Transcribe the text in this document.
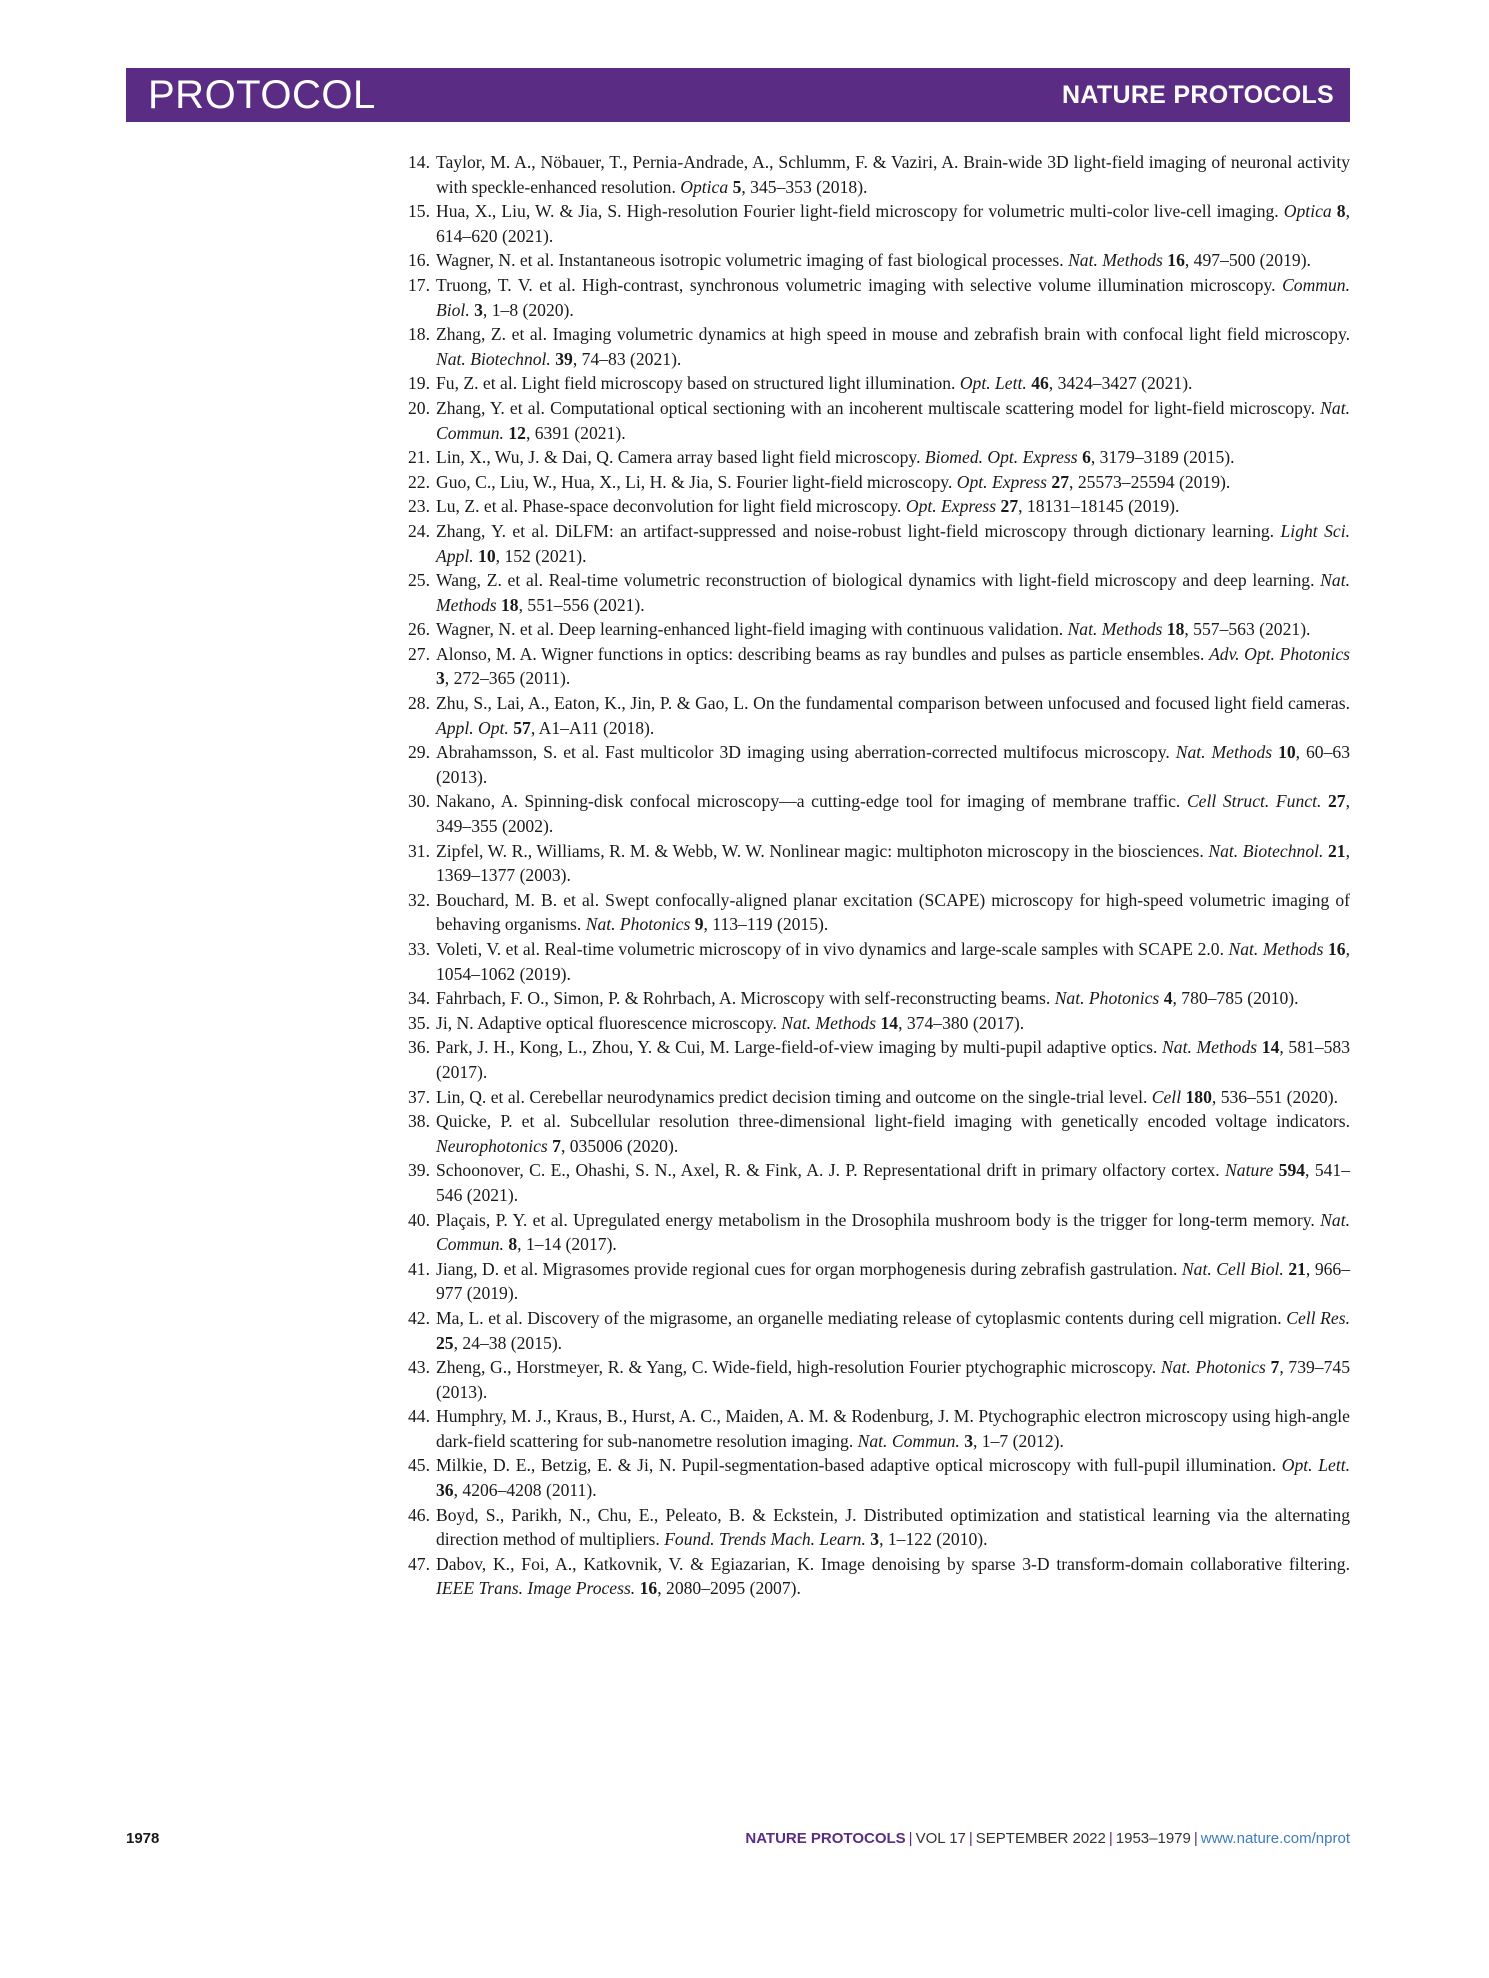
PROTOCOL	NATURE PROTOCOLS
14. Taylor, M. A., Nöbauer, T., Pernia-Andrade, A., Schlumm, F. & Vaziri, A. Brain-wide 3D light-field imaging of neuronal activity with speckle-enhanced resolution. Optica 5, 345–353 (2018).
15. Hua, X., Liu, W. & Jia, S. High-resolution Fourier light-field microscopy for volumetric multi-color live-cell imaging. Optica 8, 614–620 (2021).
16. Wagner, N. et al. Instantaneous isotropic volumetric imaging of fast biological processes. Nat. Methods 16, 497–500 (2019).
17. Truong, T. V. et al. High-contrast, synchronous volumetric imaging with selective volume illumination microscopy. Commun. Biol. 3, 1–8 (2020).
18. Zhang, Z. et al. Imaging volumetric dynamics at high speed in mouse and zebrafish brain with confocal light field microscopy. Nat. Biotechnol. 39, 74–83 (2021).
19. Fu, Z. et al. Light field microscopy based on structured light illumination. Opt. Lett. 46, 3424–3427 (2021).
20. Zhang, Y. et al. Computational optical sectioning with an incoherent multiscale scattering model for light-field microscopy. Nat. Commun. 12, 6391 (2021).
21. Lin, X., Wu, J. & Dai, Q. Camera array based light field microscopy. Biomed. Opt. Express 6, 3179–3189 (2015).
22. Guo, C., Liu, W., Hua, X., Li, H. & Jia, S. Fourier light-field microscopy. Opt. Express 27, 25573–25594 (2019).
23. Lu, Z. et al. Phase-space deconvolution for light field microscopy. Opt. Express 27, 18131–18145 (2019).
24. Zhang, Y. et al. DiLFM: an artifact-suppressed and noise-robust light-field microscopy through dictionary learning. Light Sci. Appl. 10, 152 (2021).
25. Wang, Z. et al. Real-time volumetric reconstruction of biological dynamics with light-field microscopy and deep learning. Nat. Methods 18, 551–556 (2021).
26. Wagner, N. et al. Deep learning-enhanced light-field imaging with continuous validation. Nat. Methods 18, 557–563 (2021).
27. Alonso, M. A. Wigner functions in optics: describing beams as ray bundles and pulses as particle ensembles. Adv. Opt. Photonics 3, 272–365 (2011).
28. Zhu, S., Lai, A., Eaton, K., Jin, P. & Gao, L. On the fundamental comparison between unfocused and focused light field cameras. Appl. Opt. 57, A1–A11 (2018).
29. Abrahamsson, S. et al. Fast multicolor 3D imaging using aberration-corrected multifocus microscopy. Nat. Methods 10, 60–63 (2013).
30. Nakano, A. Spinning-disk confocal microscopy—a cutting-edge tool for imaging of membrane traffic. Cell Struct. Funct. 27, 349–355 (2002).
31. Zipfel, W. R., Williams, R. M. & Webb, W. W. Nonlinear magic: multiphoton microscopy in the biosciences. Nat. Biotechnol. 21, 1369–1377 (2003).
32. Bouchard, M. B. et al. Swept confocally-aligned planar excitation (SCAPE) microscopy for high-speed volumetric imaging of behaving organisms. Nat. Photonics 9, 113–119 (2015).
33. Voleti, V. et al. Real-time volumetric microscopy of in vivo dynamics and large-scale samples with SCAPE 2.0. Nat. Methods 16, 1054–1062 (2019).
34. Fahrbach, F. O., Simon, P. & Rohrbach, A. Microscopy with self-reconstructing beams. Nat. Photonics 4, 780–785 (2010).
35. Ji, N. Adaptive optical fluorescence microscopy. Nat. Methods 14, 374–380 (2017).
36. Park, J. H., Kong, L., Zhou, Y. & Cui, M. Large-field-of-view imaging by multi-pupil adaptive optics. Nat. Methods 14, 581–583 (2017).
37. Lin, Q. et al. Cerebellar neurodynamics predict decision timing and outcome on the single-trial level. Cell 180, 536–551 (2020).
38. Quicke, P. et al. Subcellular resolution three-dimensional light-field imaging with genetically encoded voltage indicators. Neurophotonics 7, 035006 (2020).
39. Schoonover, C. E., Ohashi, S. N., Axel, R. & Fink, A. J. P. Representational drift in primary olfactory cortex. Nature 594, 541–546 (2021).
40. Plaçais, P. Y. et al. Upregulated energy metabolism in the Drosophila mushroom body is the trigger for long-term memory. Nat. Commun. 8, 1–14 (2017).
41. Jiang, D. et al. Migrasomes provide regional cues for organ morphogenesis during zebrafish gastrulation. Nat. Cell Biol. 21, 966–977 (2019).
42. Ma, L. et al. Discovery of the migrasome, an organelle mediating release of cytoplasmic contents during cell migration. Cell Res. 25, 24–38 (2015).
43. Zheng, G., Horstmeyer, R. & Yang, C. Wide-field, high-resolution Fourier ptychographic microscopy. Nat. Photonics 7, 739–745 (2013).
44. Humphry, M. J., Kraus, B., Hurst, A. C., Maiden, A. M. & Rodenburg, J. M. Ptychographic electron microscopy using high-angle dark-field scattering for sub-nanometre resolution imaging. Nat. Commun. 3, 1–7 (2012).
45. Milkie, D. E., Betzig, E. & Ji, N. Pupil-segmentation-based adaptive optical microscopy with full-pupil illumination. Opt. Lett. 36, 4206–4208 (2011).
46. Boyd, S., Parikh, N., Chu, E., Peleato, B. & Eckstein, J. Distributed optimization and statistical learning via the alternating direction method of multipliers. Found. Trends Mach. Learn. 3, 1–122 (2010).
47. Dabov, K., Foi, A., Katkovnik, V. & Egiazarian, K. Image denoising by sparse 3-D transform-domain collaborative filtering. IEEE Trans. Image Process. 16, 2080–2095 (2007).
1978	NATURE PROTOCOLS | VOL 17 | SEPTEMBER 2022 | 1953–1979 | www.nature.com/nprot
